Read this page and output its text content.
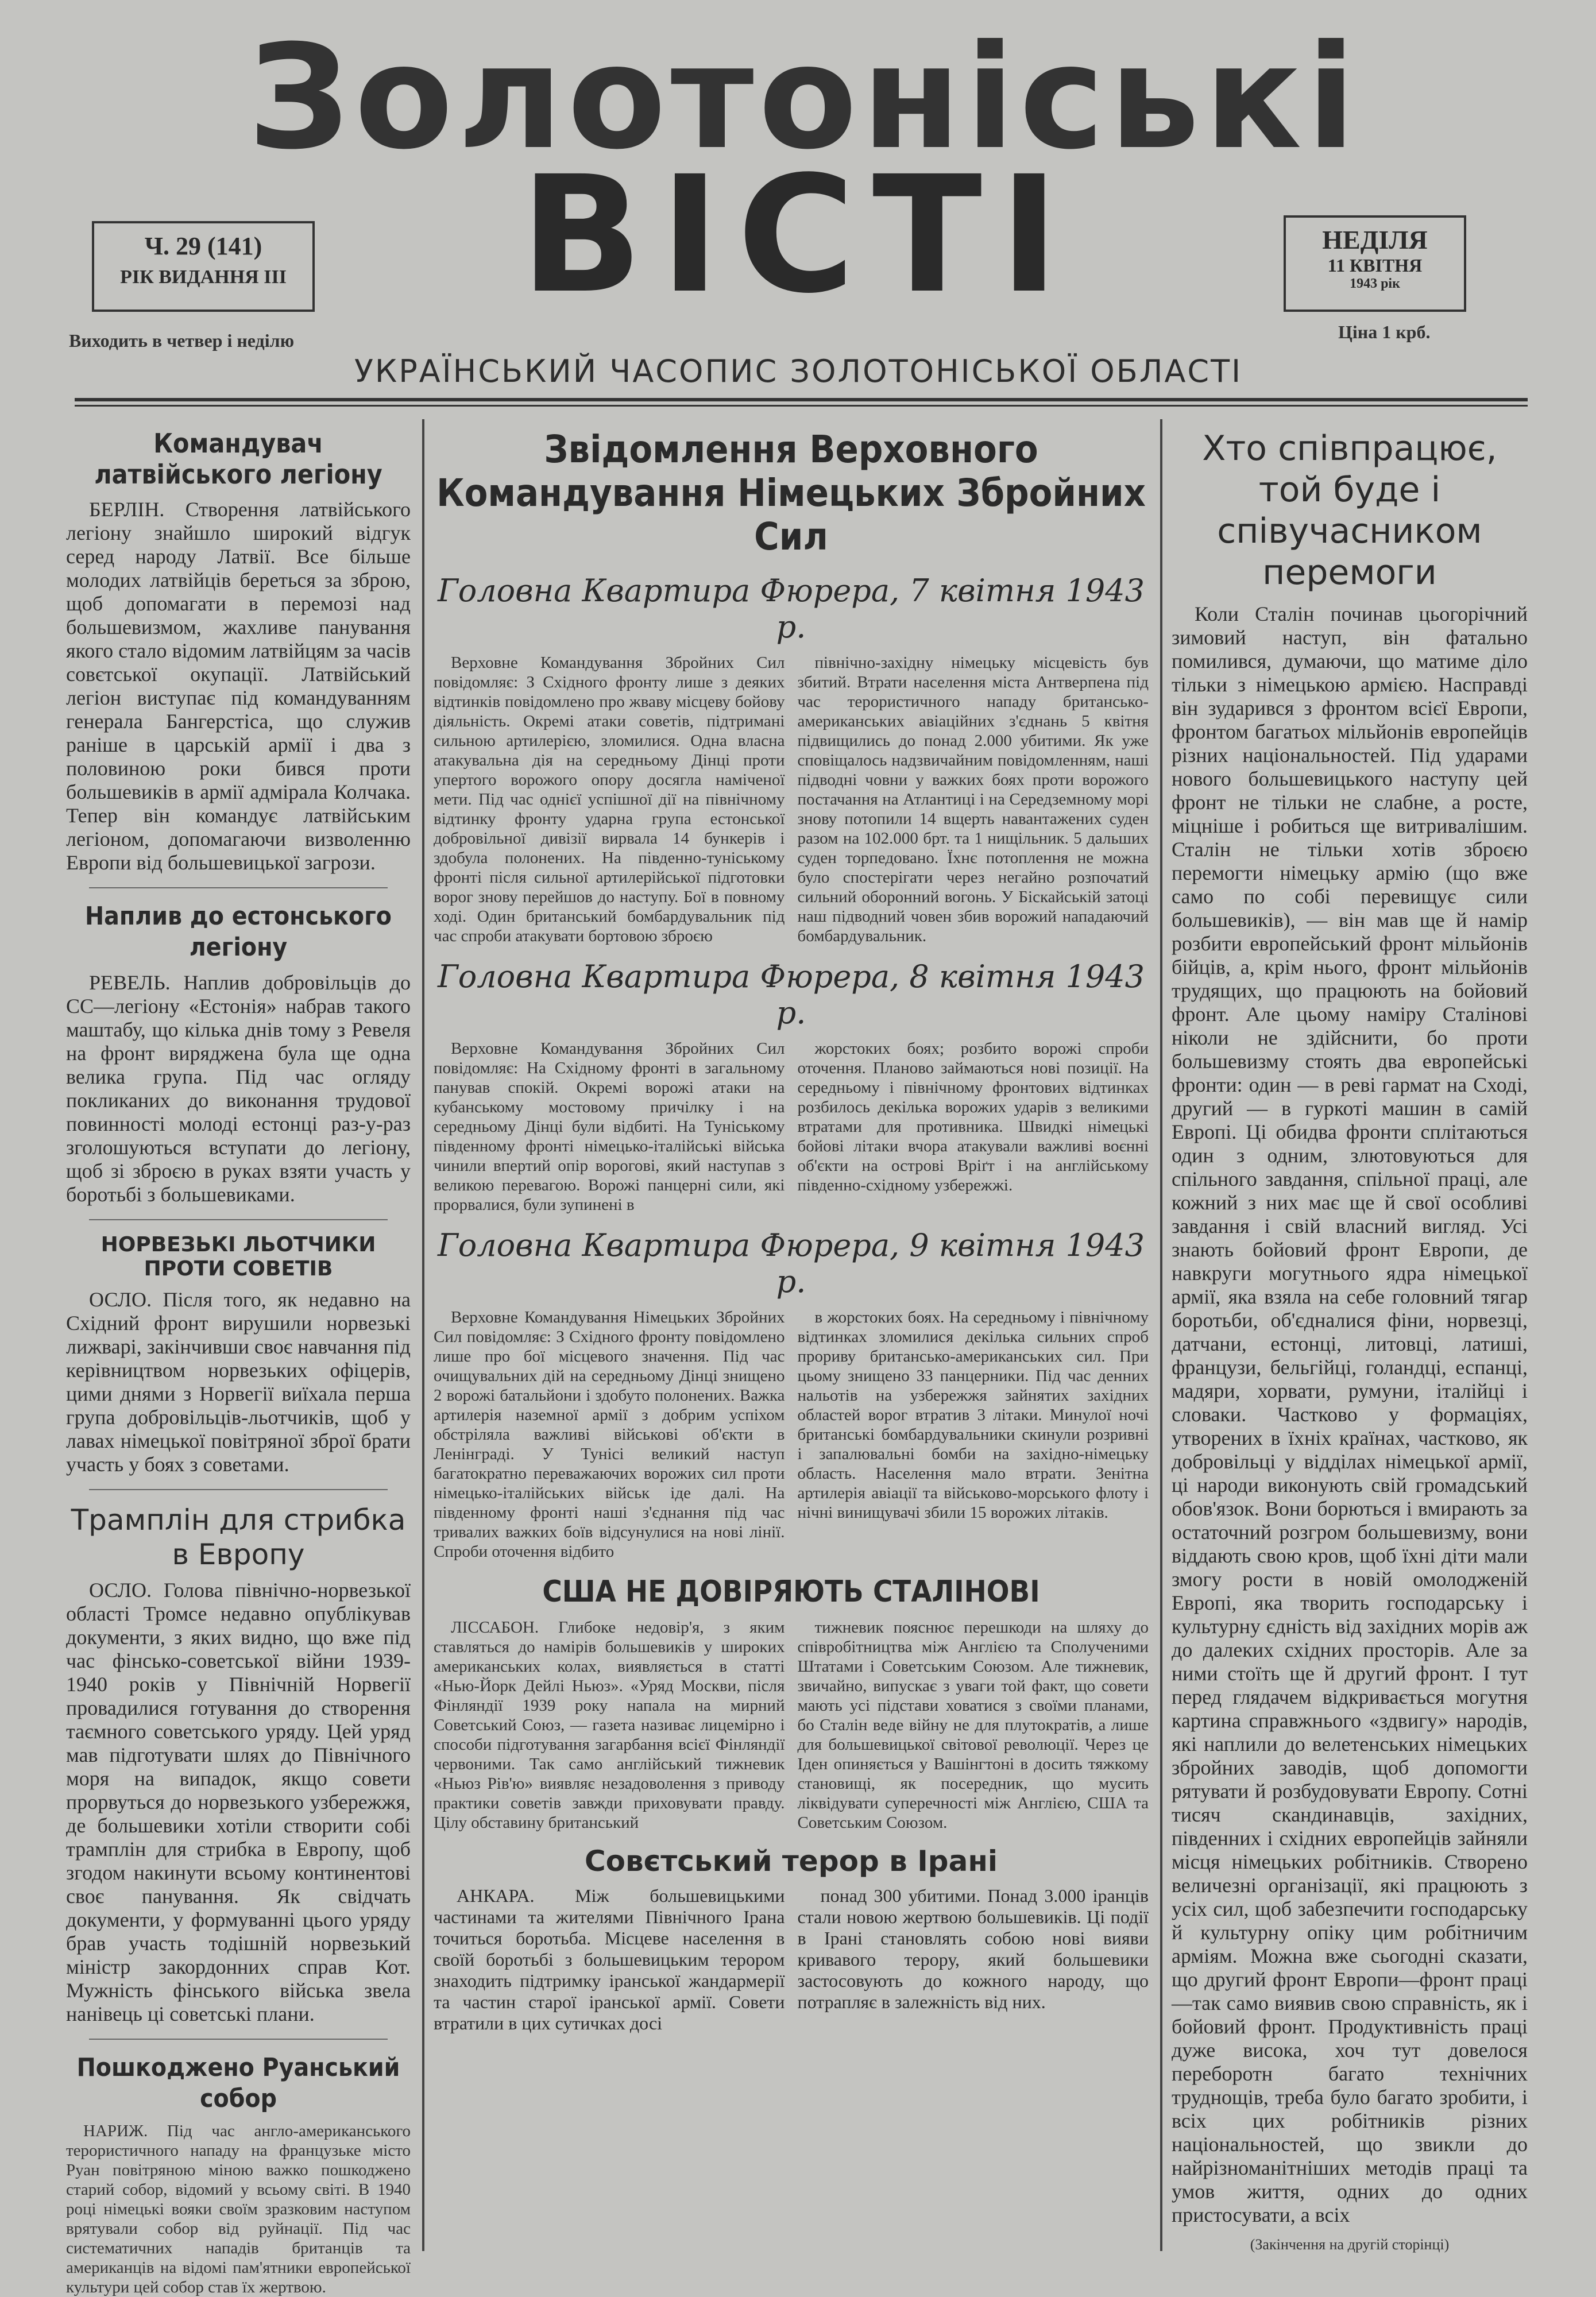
Золотоніські
ВІСТІ
Ч. 29 (141)
РІК ВИДАННЯ III
Виходить в четвер і неділю
НЕДІЛЯ
11 КВІТНЯ
1943 рік
Ціна 1 крб.
УКРАЇНСЬКИЙ ЧАСОПИС ЗОЛОТОНІСЬКОЇ ОБЛАСТІ
Командувач латвійського легіону

БЕРЛІН. Створення латвійського легіону знайшло широкий відгук серед народу Латвії. Все більше молодих латвійців береться за зброю, щоб допомагати в перемозі над большевизмом, жахливе панування якого стало відомим латвійцям за часів совєтської окупації. Латвійський легіон виступає під командуванням генерала Бангерстіса, що служив раніше в царській армії і два з половиною роки бився проти большевиків в армії адмірала Колчака. Тепер він командує латвійським легіоном, допомагаючи визволенню Европи від большевицької загрози.

Наплив до естонського легіону

РЕВЕЛЬ. Наплив добровільців до СС—легіону «Естонія» набрав такого маштабу, що кілька днів тому з Ревеля на фронт виряджена була ще одна велика група. Під час огляду покликаних до виконання трудової повинності молоді естонці раз-у-раз зголошуються вступати до легіону, щоб зі зброєю в руках взяти участь у боротьбі з большевиками.

НОРВЕЗЬКІ ЛЬОТЧИКИ ПРОТИ СОВЕТІВ

ОСЛО. Після того, як недавно на Східний фронт вирушили норвезькі лижварі, закінчивши своє навчання під керівництвом норвезьких офіцерів, цими днями з Норвегії виїхала перша група добровільців-льотчиків, щоб у лавах німецької повітряної зброї брати участь у боях з советами.

Трамплін для стрибка в Европу

ОСЛО. Голова північно-норвезької області Тромсе недавно опублікував документи, з яких видно, що вже під час фінсько-советської війни 1939-1940 років у Північній Норвегії провадилися готування до створення таємного советського уряду. Цей уряд мав підготувати шлях до Північного моря на випадок, якщо совети прорвуться до норвезького узбережжя, де большевики хотіли створити собі трамплін для стрибка в Европу, щоб згодом накинути всьому континентові своє панування. Як свідчать документи, у формуванні цього уряду брав участь тодішній норвезький міністр закордонних справ Кот. Мужність фінського війська звела нанівець ці советські плани.

Пошкоджено Руанський собор

НАРИЖ. Під час англо-американського терористичного нападу на французьке місто Руан повітряною міною важко пошкоджено старий собор, відомий у всьому світі. В 1940 році німецькі вояки своїм зразковим наступом врятували собор від руйнації. Під час систематичних нападів британців та американців на відомі пам'ятники европейської культури цей собор став їх жертвою.

Звідомлення Верховного Командування Німецьких Збройних Сил
Головна Квартира Фюрера, 7 квітня 1943 р.

Верховне Командування Збройних Сил повідомляє: З Східного фронту лише з деяких відтинків повідомлено про жваву місцеву бойову діяльність. Окремі атаки советів, підтримані сильною артилерією, зломилися. Одна власна атакувальна дія на середньому Дінці проти упертого ворожого опору досягла наміченої мети. Під час однієї успішної дії на північному відтинку фронту ударна група естонської добровільної дивізії вирвала 14 бункерів і здобула полонених. На південно-туніському фронті після сильної артилерійської підготовки ворог знову перейшов до наступу. Бої в повному ході. Один британський бомбардувальник під час спроби атакувати бортовою зброєю

північно-західну німецьку місцевість був збитий. Втрати населення міста Антверпена під час терористичного нападу британсько-американських авіаційних з'єднань 5 квітня підвищились до понад 2.000 убитими. Як уже сповіщалось надзвичайним повідомленням, наші підводні човни у важких боях проти ворожого постачання на Атлантиці і на Середземному морі знову потопили 14 вщерть навантажених суден разом на 102.000 брт. та 1 нищільник. 5 дальших суден торпедовано. Їхнє потоплення не можна було спостерігати через негайно розпочатий сильний оборонний вогонь. У Біскайській затоці наш підводний човен збив ворожий нападаючий бомбардувальник.

Головна Квартира Фюрера, 8 квітня 1943 р.

Верховне Командування Збройних Сил повідомляє: На Східному фронті в загальному панував спокій. Окремі ворожі атаки на кубанському мостовому причілку і на середньому Дінці були відбиті. На Туніському південному фронті німецько-італійські війська чинили впертий опір ворогові, який наступав з великою перевагою. Ворожі панцерні сили, які прорвалися, були зупинені в

жорстоких боях; розбито ворожі спроби оточення. Планово займаються нові позиції. На середньому і північному фронтових відтинках розбилось декілька ворожих ударів з великими втратами для противника. Швидкі німецькі бойові літаки вчора атакували важливі воєнні об'єкти на острові Вріґт і на англійському південно-східному узбережжі.

Головна Квартира Фюрера, 9 квітня 1943 р.

Верховне Командування Німецьких Збройних Сил повідомляє: З Східного фронту повідомлено лише про бої місцевого значення. Під час очищувальних дій на середньому Дінці знищено 2 ворожі батальйони і здобуто полонених. Важка артилерія наземної армії з добрим успіхом обстріляла важливі військові об'єкти в Ленінграді. У Тунісі великий наступ багатократно переважаючих ворожих сил проти німецько-італійських військ іде далі. На південному фронті наші з'єднання під час тривалих важких боїв відсунулися на нові лінії. Спроби оточення відбито

в жорстоких боях. На середньому і північному відтинках зломилися декілька сильних спроб прориву британсько-американських сил. При цьому знищено 33 панцерники. Під час денних нальотів на узбережжя зайнятих західних областей ворог втратив 3 літаки. Минулої ночі британські бомбардувальники скинули розривні і запалювальні бомби на західно-німецьку область. Населення мало втрати. Зенітна артилерія авіації та військово-морського флоту і нічні винищувачі збили 15 ворожих літаків.

США НЕ ДОВІРЯЮТЬ СТАЛІНОВІ

ЛІССАБОН. Глибоке недовір'я, з яким ставляться до намірів большевиків у широких американських колах, виявляється в статті «Нью-Йорк Дейлі Ньюз». «Уряд Москви, після Фінляндії 1939 року напала на мирний Советський Союз, — газета називає лицемірно і способи підготування загарбання всієї Фінляндії червоними. Так само англійський тижневик «Ньюз Рів'ю» виявляє незадоволення з приводу практики советів завжди приховувати правду. Цілу обставину британський

тижневик пояснює перешкоди на шляху до співробітництва між Англією та Сполученими Штатами і Советським Союзом. Але тижневик, звичайно, випускає з уваги той факт, що совети мають усі підстави ховатися з своїми планами, бо Сталін веде війну не для плутократів, а лише для большевицької світової революції. Через це Іден опиняється у Вашінгтоні в досить тяжкому становищі, як посередник, що мусить ліквідувати суперечності між Англією, США та Советським Союзом.

Совєтський терор в Ірані

АНКАРА. Між большевицькими частинами та жителями Північного Ірана точиться боротьба. Місцеве населення в своїй боротьбі з большевицьким терором знаходить підтримку іранської жандармерії та частин старої іранської армії. Совети втратили в цих сутичках досі

понад 300 убитими. Понад 3.000 іранців стали новою жертвою большевиків. Ці події в Ірані становлять собою нові вияви кривавого терору, який большевики застосовують до кожного народу, що потрапляє в залежність від них.

Хто співпрацює, той буде і співучасником перемоги

Коли Сталін починав цьогорічний зимовий наступ, він фатально помилився, думаючи, що матиме діло тільки з німецькою армією. Насправді він зударився з фронтом всієї Европи, фронтом багатьох мільйонів европейців різних національностей. Під ударами нового большевицького наступу цей фронт не тільки не слабне, а росте, міцніше і робиться ще витривалішим. Сталін не тільки хотів зброєю перемогти німецьку армію (що вже само по собі перевищує сили большевиків), — він мав ще й намір розбити европейський фронт мільйонів бійців, а, крім нього, фронт мільйонів трудящих, що працюють на бойовий фронт. Але цьому наміру Сталінові ніколи не здійснити, бо проти большевизму стоять два европейські фронти: один — в реві гармат на Сході, другий — в гуркоті машин в самій Европі. Ці обидва фронти сплітаються один з одним, злютовуються для спільного завдання, спільної праці, але кожний з них має ще й свої особливі завдання і свій власний вигляд. Усі знають бойовий фронт Европи, де навкруги могутнього ядра німецької армії, яка взяла на себе головний тягар боротьби, об'єдналися фіни, норвезці, датчани, естонці, литовці, латиші, французи, бельгійці, голандці, еспанці, мадяри, хорвати, румуни, італійці і словаки. Частково у формаціях, утворених в їхніх країнах, частково, як добровільці у відділах німецької армії, ці народи виконують свій громадський обов'язок. Вони борються і вмирають за остаточний розгром большевизму, вони віддають свою кров, щоб їхні діти мали змогу рости в новій омолодженій Европі, яка творить господарську і культурну єдність від західних морів аж до далеких східних просторів. Але за ними стоїть ще й другий фронт. І тут перед глядачем відкривається могутня картина справжнього «здвигу» народів, які наплили до велетенських німецьких збройних заводів, щоб допомогти рятувати й розбудовувати Европу. Сотні тисяч скандинавців, західних, південних і східних европейців зайняли місця німецьких робітників. Створено величезні організації, які працюють з усіх сил, щоб забезпечити господарську й культурну опіку цим робітничим арміям. Можна вже сьогодні сказати, що другий фронт Европи—фронт праці—так само виявив свою справність, як і бойовий фронт. Продуктивність праці дуже висока, хоч тут довелося переборотн багато технічних труднощів, треба було багато зробити, і всіх цих робітників різних національностей, що звикли до найрізноманітніших методів праці та умов життя, одних до одних пристосувати, а всіх

(Закінчення на другій сторінці)
